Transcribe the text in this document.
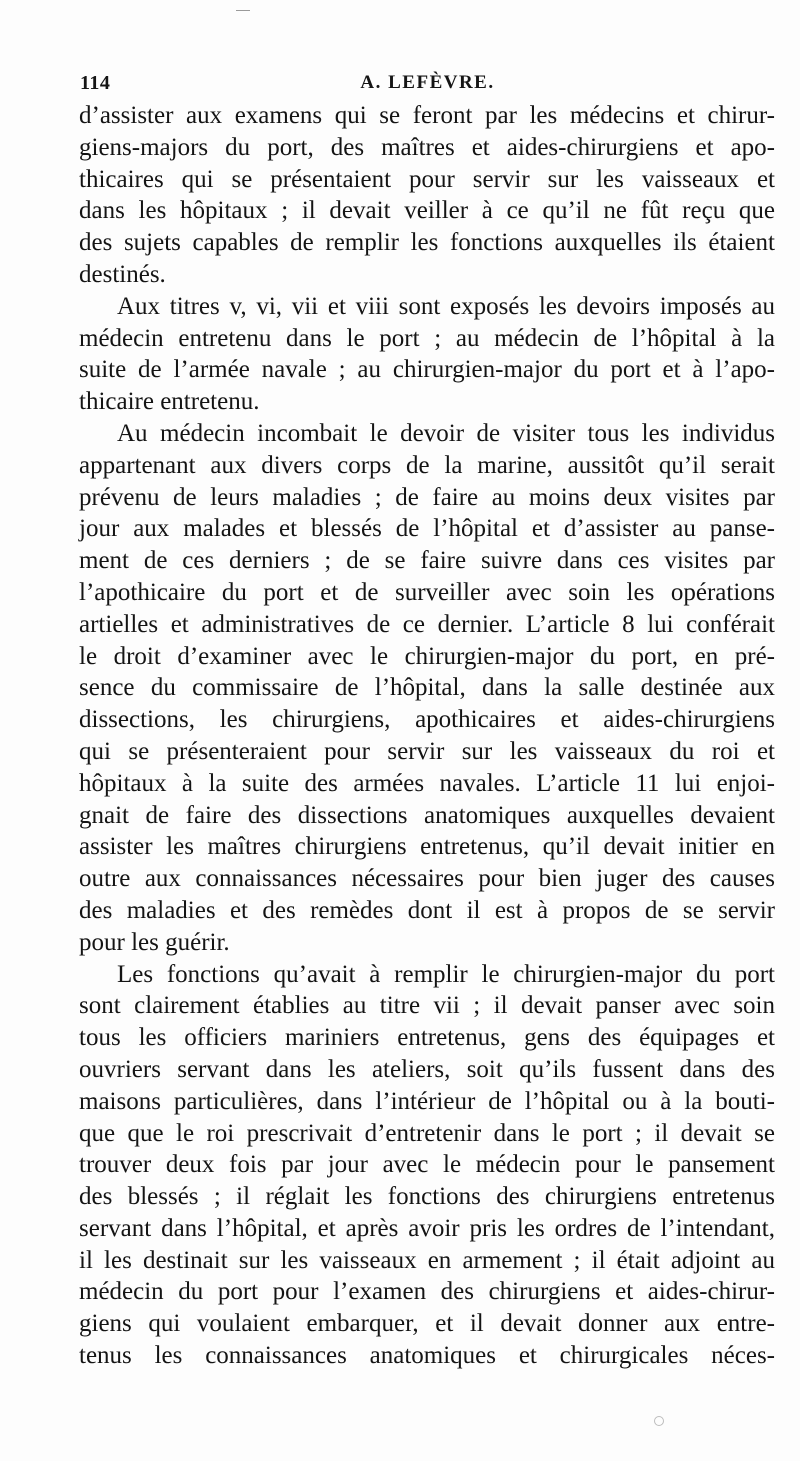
114	A. LEFÈVRE.

d’assister aux examens qui se feront par les médecins et chirur-
giens-majors du port, des maîtres et aides-chirurgiens et apo-
thicaires qui se présentaient pour servir sur les vaisseaux et
dans les hôpitaux ; il devait veiller à ce qu’il ne fût reçu que
des sujets capables de remplir les fonctions auxquelles ils étaient
destinés.

Aux titres v, vi, vii et viii sont exposés les devoirs imposés au
médecin entretenu dans le port ; au médecin de l’hôpital à la
suite de l’armée navale ; au chirurgien-major du port et à l’apo-
thicaire entretenu.

Au médecin incombait le devoir de visiter tous les individus
appartenant aux divers corps de la marine, aussitôt qu’il serait
prévenu de leurs maladies ; de faire au moins deux visites par
jour aux malades et blessés de l’hôpital et d’assister au panse-
ment de ces derniers ; de se faire suivre dans ces visites par
l’apothicaire du port et de surveiller avec soin les opérations
artielles et administratives de ce dernier. L’article 8 lui conférait
le droit d’examiner avec le chirurgien-major du port, en pré-
sence du commissaire de l’hôpital, dans la salle destinée aux
dissections, les chirurgiens, apothicaires et aides-chirurgiens
qui se présenteraient pour servir sur les vaisseaux du roi et
hôpitaux à la suite des armées navales. L’article 11 lui enjoi-
gnait de faire des dissections anatomiques auxquelles devaient
assister les maîtres chirurgiens entretenus, qu’il devait initier en
outre aux connaissances nécessaires pour bien juger des causes
des maladies et des remèdes dont il est à propos de se servir
pour les guérir.

Les fonctions qu’avait à remplir le chirurgien-major du port
sont clairement établies au titre vii ; il devait panser avec soin
tous les officiers mariniers entretenus, gens des équipages et
ouvriers servant dans les ateliers, soit qu’ils fussent dans des
maisons particulières, dans l’intérieur de l’hôpital ou à la bouti-
que que le roi prescrivait d’entretenir dans le port ; il devait se
trouver deux fois par jour avec le médecin pour le pansement
des blessés ; il réglait les fonctions des chirurgiens entretenus
servant dans l’hôpital, et après avoir pris les ordres de l’intendant,
il les destinait sur les vaisseaux en armement ; il était adjoint au
médecin du port pour l’examen des chirurgiens et aides-chirur-
giens qui voulaient embarquer, et il devait donner aux entre-
tenus les connaissances anatomiques et chirurgicales néces-
